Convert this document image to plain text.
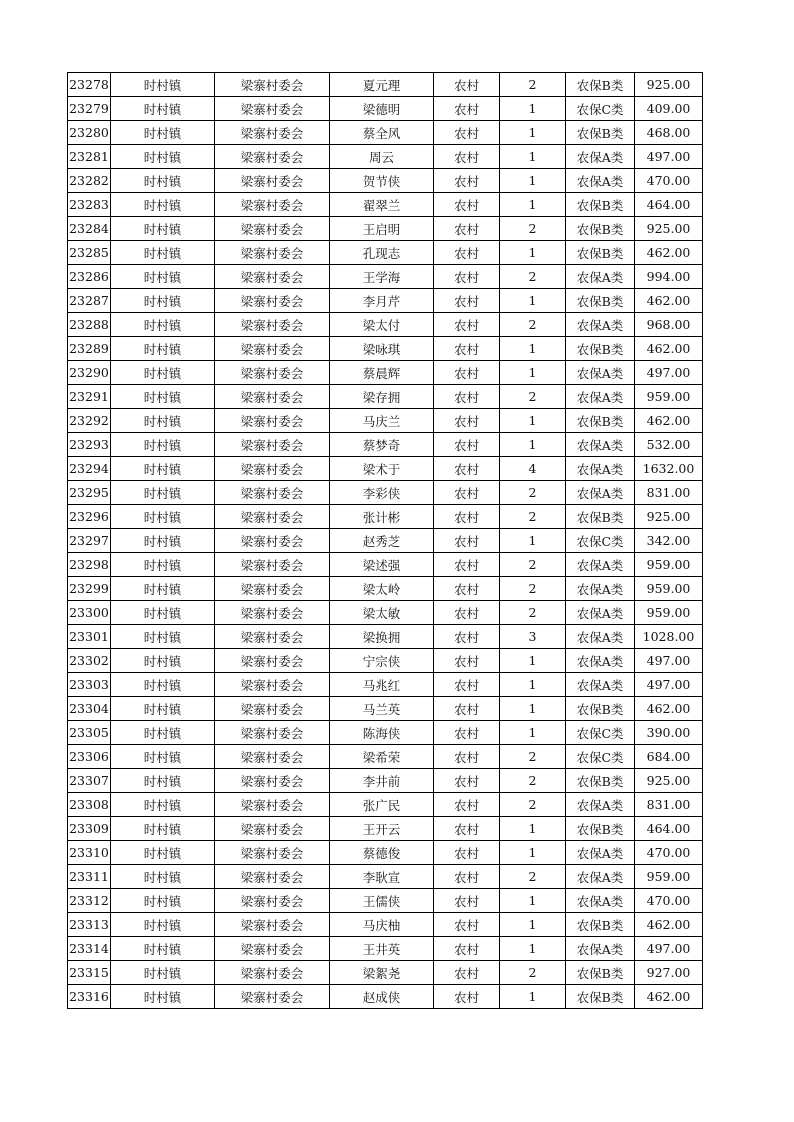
23278	时村镇	梁寨村委会	夏元理	农村	2	农保B类	925.00
23279	时村镇	梁寨村委会	梁德明	农村	1	农保C类	409.00
23280	时村镇	梁寨村委会	蔡全风	农村	1	农保B类	468.00
23281	时村镇	梁寨村委会	周云	农村	1	农保A类	497.00
23282	时村镇	梁寨村委会	贺节侠	农村	1	农保A类	470.00
23283	时村镇	梁寨村委会	翟翠兰	农村	1	农保B类	464.00
23284	时村镇	梁寨村委会	王启明	农村	2	农保B类	925.00
23285	时村镇	梁寨村委会	孔现志	农村	1	农保B类	462.00
23286	时村镇	梁寨村委会	王学海	农村	2	农保A类	994.00
23287	时村镇	梁寨村委会	李月芹	农村	1	农保B类	462.00
23288	时村镇	梁寨村委会	梁太付	农村	2	农保A类	968.00
23289	时村镇	梁寨村委会	梁咏琪	农村	1	农保B类	462.00
23290	时村镇	梁寨村委会	蔡晨辉	农村	1	农保A类	497.00
23291	时村镇	梁寨村委会	梁存拥	农村	2	农保A类	959.00
23292	时村镇	梁寨村委会	马庆兰	农村	1	农保B类	462.00
23293	时村镇	梁寨村委会	蔡梦奇	农村	1	农保A类	532.00
23294	时村镇	梁寨村委会	梁术于	农村	4	农保A类	1632.00
23295	时村镇	梁寨村委会	李彩侠	农村	2	农保A类	831.00
23296	时村镇	梁寨村委会	张计彬	农村	2	农保B类	925.00
23297	时村镇	梁寨村委会	赵秀芝	农村	1	农保C类	342.00
23298	时村镇	梁寨村委会	梁述强	农村	2	农保A类	959.00
23299	时村镇	梁寨村委会	梁太岭	农村	2	农保A类	959.00
23300	时村镇	梁寨村委会	梁太敏	农村	2	农保A类	959.00
23301	时村镇	梁寨村委会	梁换拥	农村	3	农保A类	1028.00
23302	时村镇	梁寨村委会	宁宗侠	农村	1	农保A类	497.00
23303	时村镇	梁寨村委会	马兆红	农村	1	农保A类	497.00
23304	时村镇	梁寨村委会	马兰英	农村	1	农保B类	462.00
23305	时村镇	梁寨村委会	陈海侠	农村	1	农保C类	390.00
23306	时村镇	梁寨村委会	梁希荣	农村	2	农保C类	684.00
23307	时村镇	梁寨村委会	李井前	农村	2	农保B类	925.00
23308	时村镇	梁寨村委会	张广民	农村	2	农保A类	831.00
23309	时村镇	梁寨村委会	王开云	农村	1	农保B类	464.00
23310	时村镇	梁寨村委会	蔡德俊	农村	1	农保A类	470.00
23311	时村镇	梁寨村委会	李耿宣	农村	2	农保A类	959.00
23312	时村镇	梁寨村委会	王儒侠	农村	1	农保A类	470.00
23313	时村镇	梁寨村委会	马庆柚	农村	1	农保B类	462.00
23314	时村镇	梁寨村委会	王井英	农村	1	农保A类	497.00
23315	时村镇	梁寨村委会	梁絮尧	农村	2	农保B类	927.00
23316	时村镇	梁寨村委会	赵成侠	农村	1	农保B类	462.00
